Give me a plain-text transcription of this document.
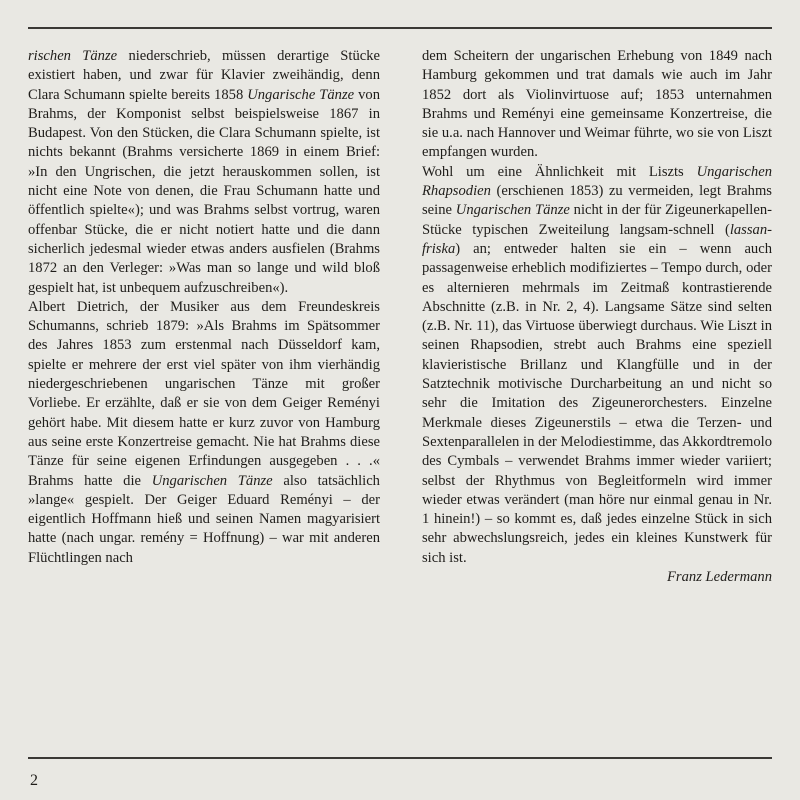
rischen Tänze niederschrieb, müssen derartige Stücke existiert haben, und zwar für Klavier zweihändig, denn Clara Schumann spielte bereits 1858 Ungarische Tänze von Brahms, der Komponist selbst beispielsweise 1867 in Budapest. Von den Stücken, die Clara Schumann spielte, ist nichts bekannt (Brahms versicherte 1869 in einem Brief: »In den Ungrischen, die jetzt herauskommen sollen, ist nicht eine Note von denen, die Frau Schumann hatte und öffentlich spielte«); und was Brahms selbst vortrug, waren offenbar Stücke, die er nicht notiert hatte und die dann sicherlich jedesmal wieder etwas anders ausfielen (Brahms 1872 an den Verleger: »Was man so lange und wild bloß gespielt hat, ist unbequem aufzuschreiben«).

Albert Dietrich, der Musiker aus dem Freundeskreis Schumanns, schrieb 1879: »Als Brahms im Spätsommer des Jahres 1853 zum erstenmal nach Düsseldorf kam, spielte er mehrere der erst viel später von ihm vierhändig niedergeschriebenen ungarischen Tänze mit großer Vorliebe. Er erzählte, daß er sie von dem Geiger Reményi gehört habe. Mit diesem hatte er kurz zuvor von Hamburg aus seine erste Konzertreise gemacht. Nie hat Brahms diese Tänze für seine eigenen Erfindungen ausgegeben . . .« Brahms hatte die Ungarischen Tänze also tatsächlich »lange« gespielt. Der Geiger Eduard Reményi – der eigentlich Hoffmann hieß und seinen Namen magyarisiert hatte (nach ungar. remény = Hoffnung) – war mit anderen Flüchtlingen nach

dem Scheitern der ungarischen Erhebung von 1849 nach Hamburg gekommen und trat damals wie auch im Jahr 1852 dort als Violinvirtuose auf; 1853 unternahmen Brahms und Reményi eine gemeinsame Konzertreise, die sie u.a. nach Hannover und Weimar führte, wo sie von Liszt empfangen wurden.

Wohl um eine Ähnlichkeit mit Liszts Ungarischen Rhapsodien (erschienen 1853) zu vermeiden, legt Brahms seine Ungarischen Tänze nicht in der für Zigeunerkapellen-Stücke typischen Zweiteilung langsam-schnell (lassan-friska) an; entweder halten sie ein – wenn auch passagenweise erheblich modifiziertes – Tempo durch, oder es alternieren mehrmals im Zeitmaß kontrastierende Abschnitte (z.B. in Nr. 2, 4). Langsame Sätze sind selten (z.B. Nr. 11), das Virtuose überwiegt durchaus. Wie Liszt in seinen Rhapsodien, strebt auch Brahms eine speziell klavieristische Brillanz und Klangfülle und in der Satztechnik motivische Durcharbeitung an und nicht so sehr die Imitation des Zigeunerorchesters. Einzelne Merkmale dieses Zigeunerstils – etwa die Terzen- und Sextenparallelen in der Melodiestimme, das Akkordtremolo des Cymbals – verwendet Brahms immer wieder variiert; selbst der Rhythmus von Begleitformeln wird immer wieder etwas verändert (man höre nur einmal genau in Nr. 1 hinein!) – so kommt es, daß jedes einzelne Stück in sich sehr abwechslungsreich, jedes ein kleines Kunstwerk für sich ist.

Franz Ledermann

2
